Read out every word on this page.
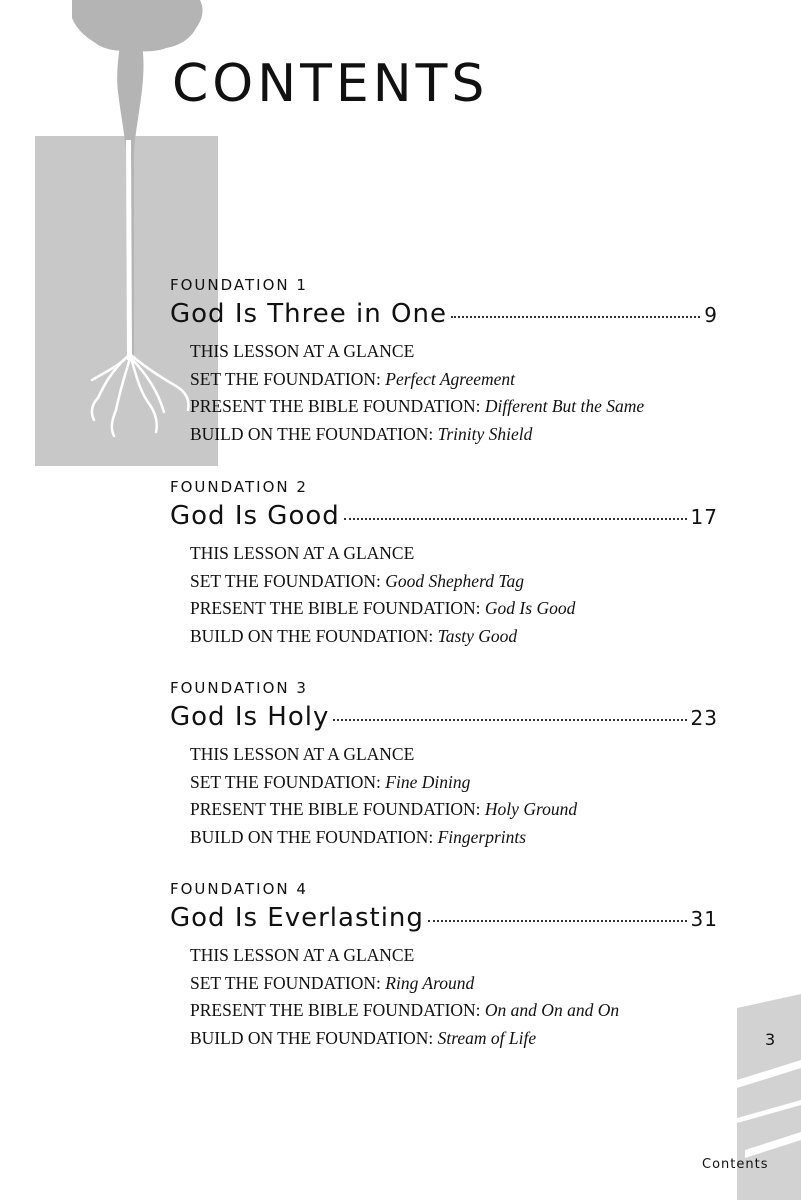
CONTENTS
FOUNDATION 1
God Is Three in One	9
THIS LESSON AT A GLANCE
SET THE FOUNDATION: Perfect Agreement
PRESENT THE BIBLE FOUNDATION: Different But the Same
BUILD ON THE FOUNDATION: Trinity Shield
FOUNDATION 2
God Is Good	17
THIS LESSON AT A GLANCE
SET THE FOUNDATION: Good Shepherd Tag
PRESENT THE BIBLE FOUNDATION: God Is Good
BUILD ON THE FOUNDATION: Tasty Good
FOUNDATION 3
God Is Holy	23
THIS LESSON AT A GLANCE
SET THE FOUNDATION: Fine Dining
PRESENT THE BIBLE FOUNDATION: Holy Ground
BUILD ON THE FOUNDATION: Fingerprints
FOUNDATION 4
God Is Everlasting	31
THIS LESSON AT A GLANCE
SET THE FOUNDATION: Ring Around
PRESENT THE BIBLE FOUNDATION: On and On and On
BUILD ON THE FOUNDATION: Stream of Life	3
Contents
